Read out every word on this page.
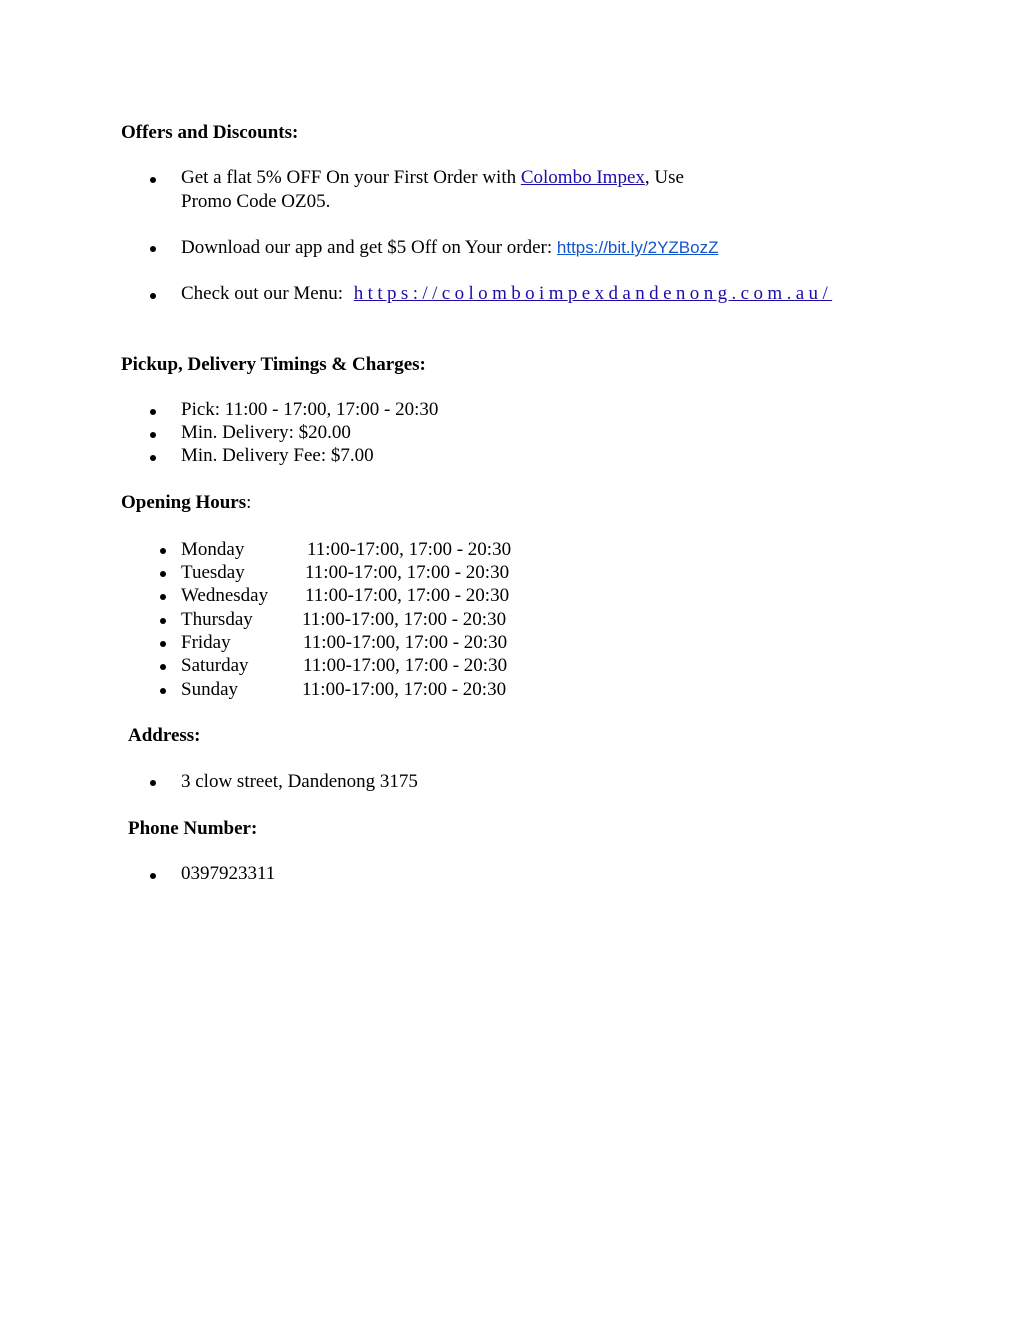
Offers and Discounts:
Get a flat 5% OFF On your First Order with Colombo Impex, Use
Promo Code OZ05.
Download our app and get $5 Off on Your order: https://bit.ly/2YZBozZ
Check out our Menu: https://colomboimpexdandenong.com.au/
Pickup, Delivery Timings & Charges:
Pick: 11:00 - 17:00, 17:00 - 20:30
Min. Delivery: $20.00
Min. Delivery Fee: $7.00
Opening Hours:
Monday	11:00-17:00, 17:00 - 20:30
Tuesday	11:00-17:00, 17:00 - 20:30
Wednesday 11:00-17:00, 17:00 - 20:30
Thursday	11:00-17:00, 17:00 - 20:30
Friday	11:00-17:00, 17:00 - 20:30
Saturday	11:00-17:00, 17:00 - 20:30
Sunday	11:00-17:00, 17:00 - 20:30
Address:
3 clow street, Dandenong 3175
Phone Number:
0397923311
